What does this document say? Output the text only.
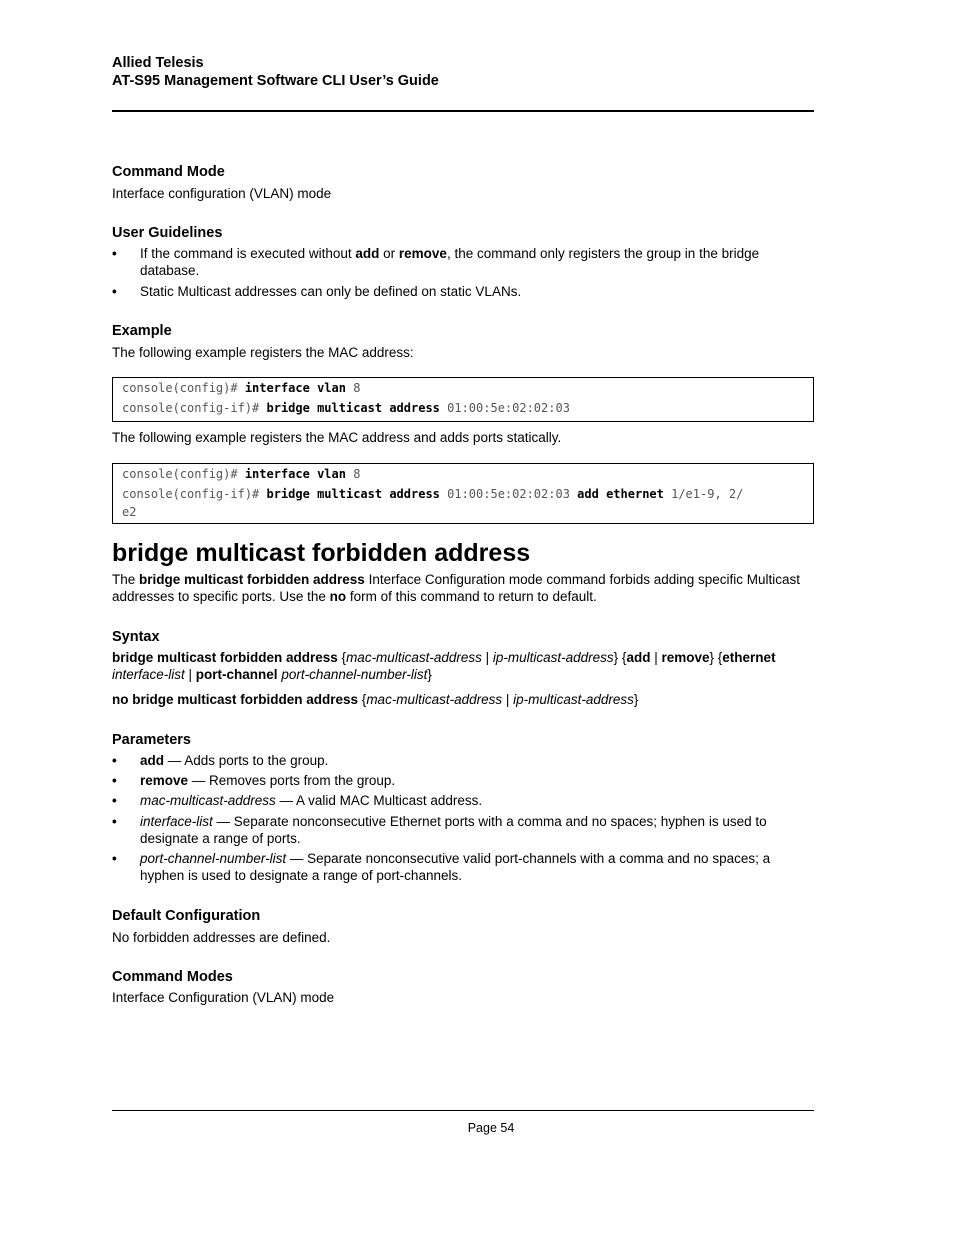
Allied Telesis
AT-S95 Management Software CLI User’s Guide
Command Mode

Interface configuration (VLAN) mode

User Guidelines
• If the command is executed without add or remove, the command only registers the group in the bridge database.
• Static Multicast addresses can only be defined on static VLANs.
Example

The following example registers the MAC address:

console(config)# interface vlan 8
console(config-if)# bridge multicast address 01:00:5e:02:02:03

The following example registers the MAC address and adds ports statically.

console(config)# interface vlan 8
console(config-if)# bridge multicast address 01:00:5e:02:02:03 add ethernet 1/e1-9, 2/
e2
bridge multicast forbidden address

The bridge multicast forbidden address Interface Configuration mode command forbids adding specific Multicast addresses to specific ports. Use the no form of this command to return to default.

Syntax

bridge multicast forbidden address {mac-multicast-address | ip-multicast-address} {add | remove} {ethernet
interface-list | port-channel port-channel-number-list}

no bridge multicast forbidden address {mac-multicast-address | ip-multicast-address}

Parameters
• add — Adds ports to the group.
• remove — Removes ports from the group.
• mac-multicast-address — A valid MAC Multicast address.
• interface-list — Separate nonconsecutive Ethernet ports with a comma and no spaces; hyphen is used to designate a range of ports.
• port-channel-number-list — Separate nonconsecutive valid port-channels with a comma and no spaces; a hyphen is used to designate a range of port-channels.
Default Configuration

No forbidden addresses are defined.

Command Modes

Interface Configuration (VLAN) mode

Page 54
